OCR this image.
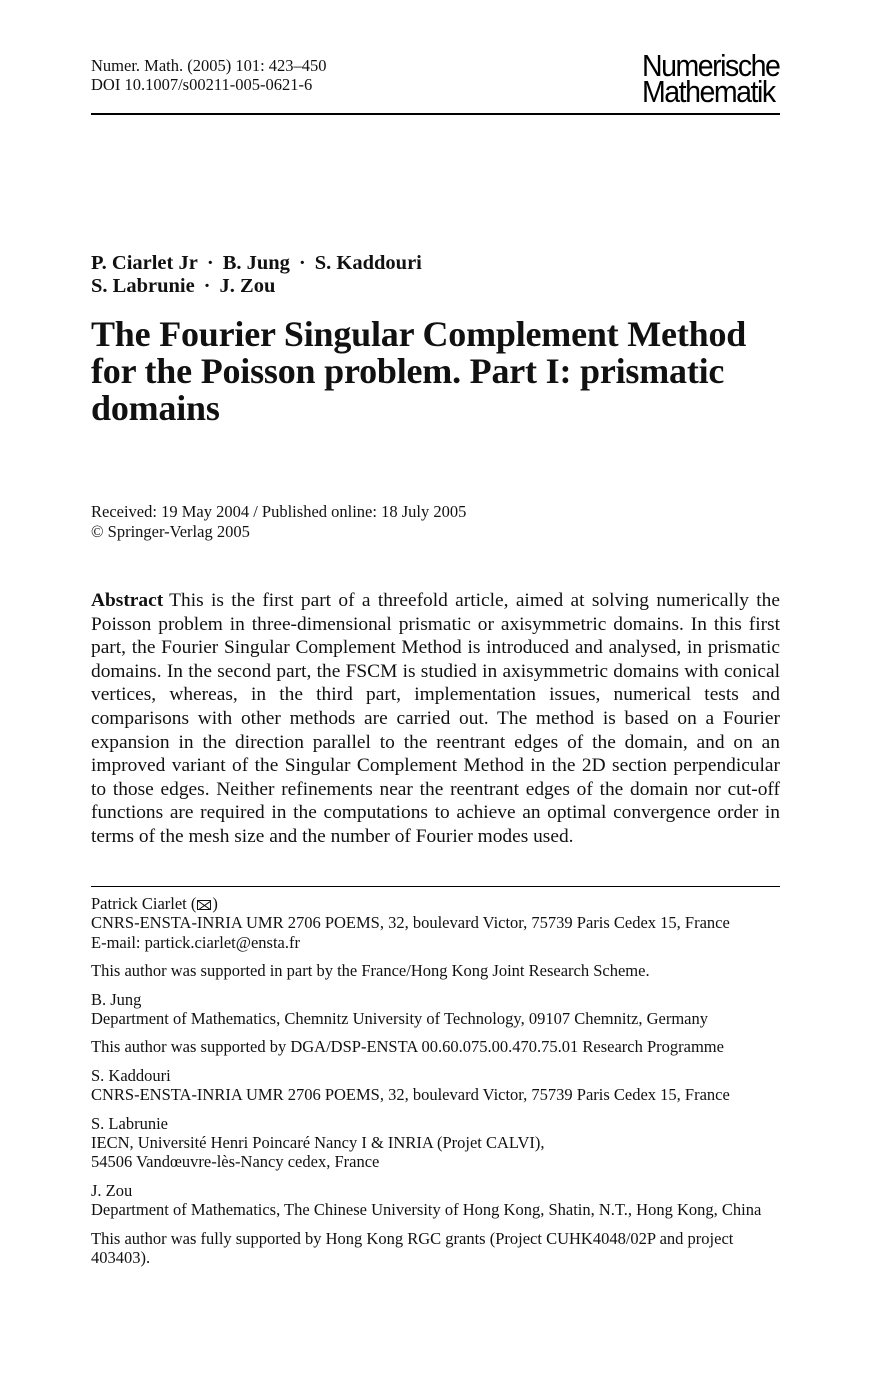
Numer. Math. (2005) 101: 423–450
DOI 10.1007/s00211-005-0621-6
Numerische
Mathematik
P. Ciarlet Jr · B. Jung · S. Kaddouri
S. Labrunie · J. Zou
The Fourier Singular Complement Method for the Poisson problem. Part I: prismatic domains
Received: 19 May 2004 / Published online: 18 July 2005
© Springer-Verlag 2005

Abstract This is the first part of a threefold article, aimed at solving numerically the Poisson problem in three-dimensional prismatic or axisymmetric domains. In this first part, the Fourier Singular Complement Method is introduced and analysed, in prismatic domains. In the second part, the FSCM is studied in axisymmetric domains with conical vertices, whereas, in the third part, implementation issues, numerical tests and comparisons with other methods are carried out. The method is based on a Fourier expansion in the direction parallel to the reentrant edges of the domain, and on an improved variant of the Singular Complement Method in the 2D section perpendicular to those edges. Neither refinements near the reentrant edges of the domain nor cut-off functions are required in the computations to achieve an optimal convergence order in terms of the mesh size and the number of Fourier modes used.

Patrick Ciarlet ( )
CNRS-ENSTA-INRIA UMR 2706 POEMS, 32, boulevard Victor, 75739 Paris Cedex 15, France
E-mail: partick.ciarlet@ensta.fr
This author was supported in part by the France/Hong Kong Joint Research Scheme.
B. Jung
Department of Mathematics, Chemnitz University of Technology, 09107 Chemnitz, Germany
This author was supported by DGA/DSP-ENSTA 00.60.075.00.470.75.01 Research Programme
S. Kaddouri
CNRS-ENSTA-INRIA UMR 2706 POEMS, 32, boulevard Victor, 75739 Paris Cedex 15, France
S. Labrunie
IECN, Université Henri Poincaré Nancy I & INRIA (Projet CALVI),
54506 Vandœuvre-lès-Nancy cedex, France
J. Zou
Department of Mathematics, The Chinese University of Hong Kong, Shatin, N.T., Hong Kong, China
This author was fully supported by Hong Kong RGC grants (Project CUHK4048/02P and project 403403).
